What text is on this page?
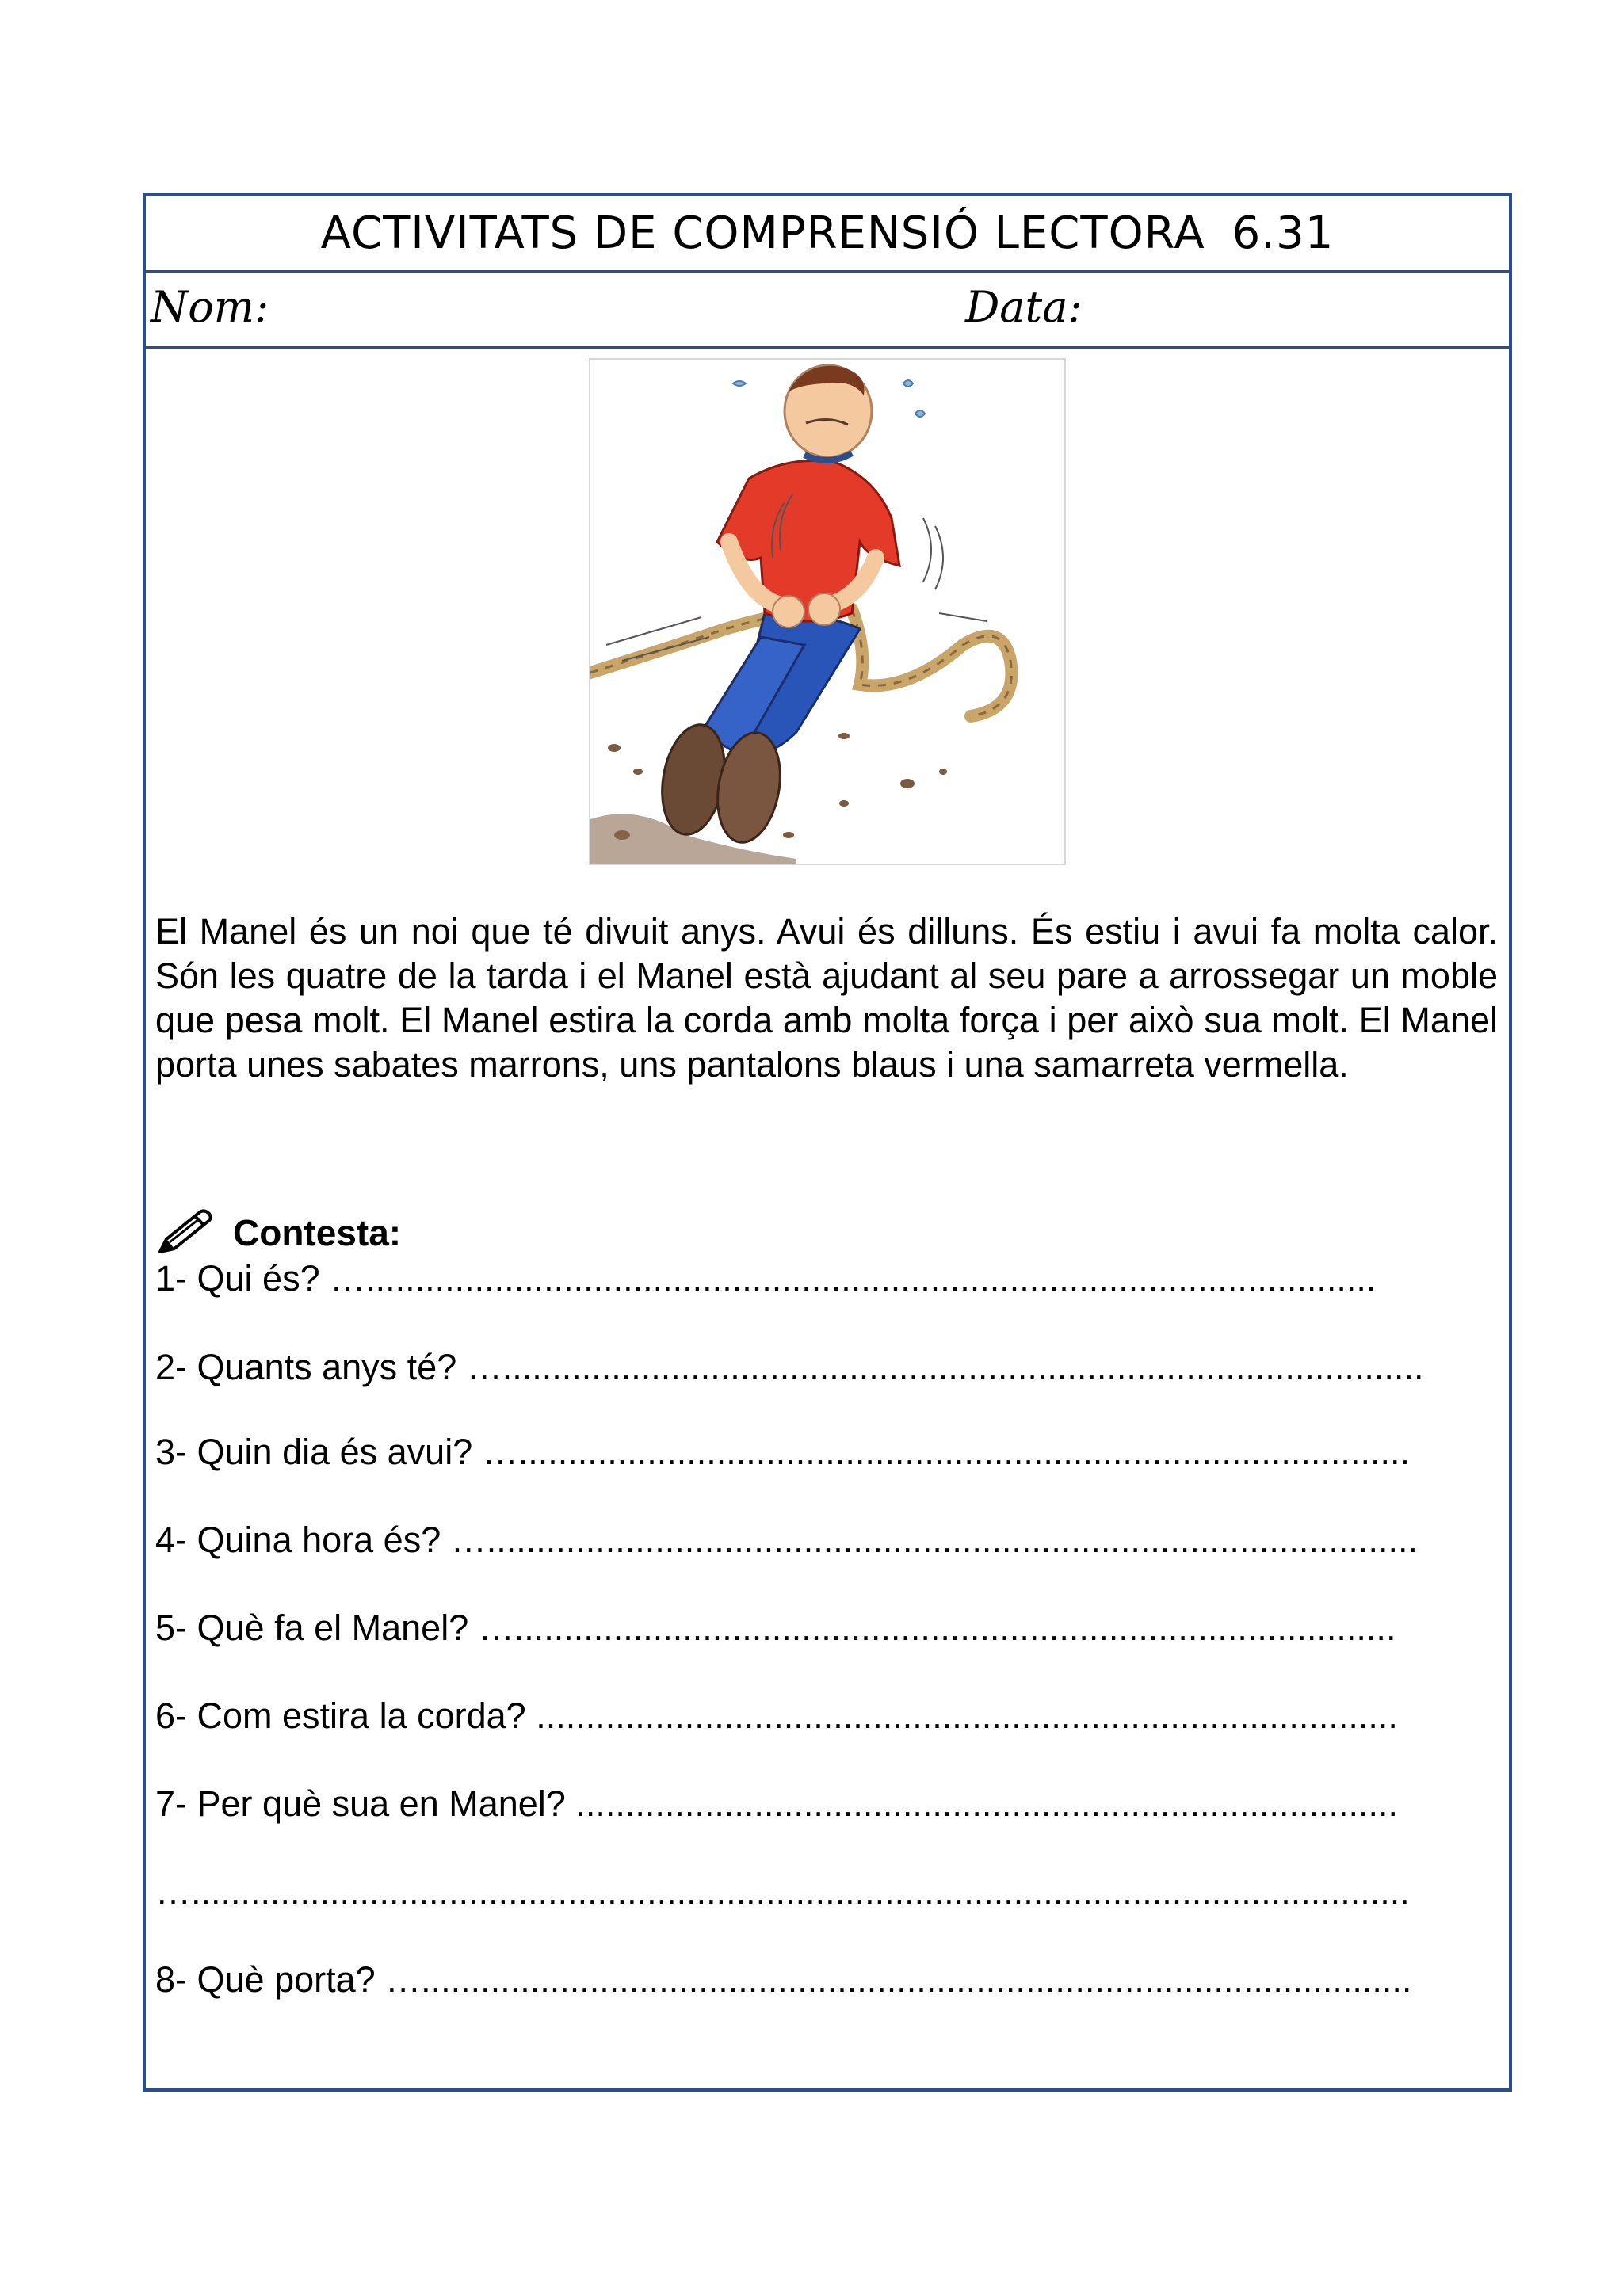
ACTIVITATS DE COMPRENSIÓ LECTORA 6.31
Nom:	Data:
El Manel és un noi que té divuit anys. Avui és dilluns. És estiu i avui fa molta calor. Són les quatre de la tarda i el Manel està ajudant al seu pare a arrossegar un moble que pesa molt. El Manel estira la corda amb molta força i per això sua molt. El Manel porta unes sabates marrons, uns pantalons blaus i una samarreta vermella.
Contesta:
1- Qui és? …......................................................................................................
2- Quants anys té? ….............................................................................................
3- Quin dia és avui? …..........................................................................................
4- Quina hora és? …..............................................................................................
5- Què fa el Manel? ….........................................................................................
6- Com estira la corda? .......................................................................................
7- Per què sua en Manel? ...................................................................................
…...........................................................................................................................
8- Què porta? …....................................................................................................
